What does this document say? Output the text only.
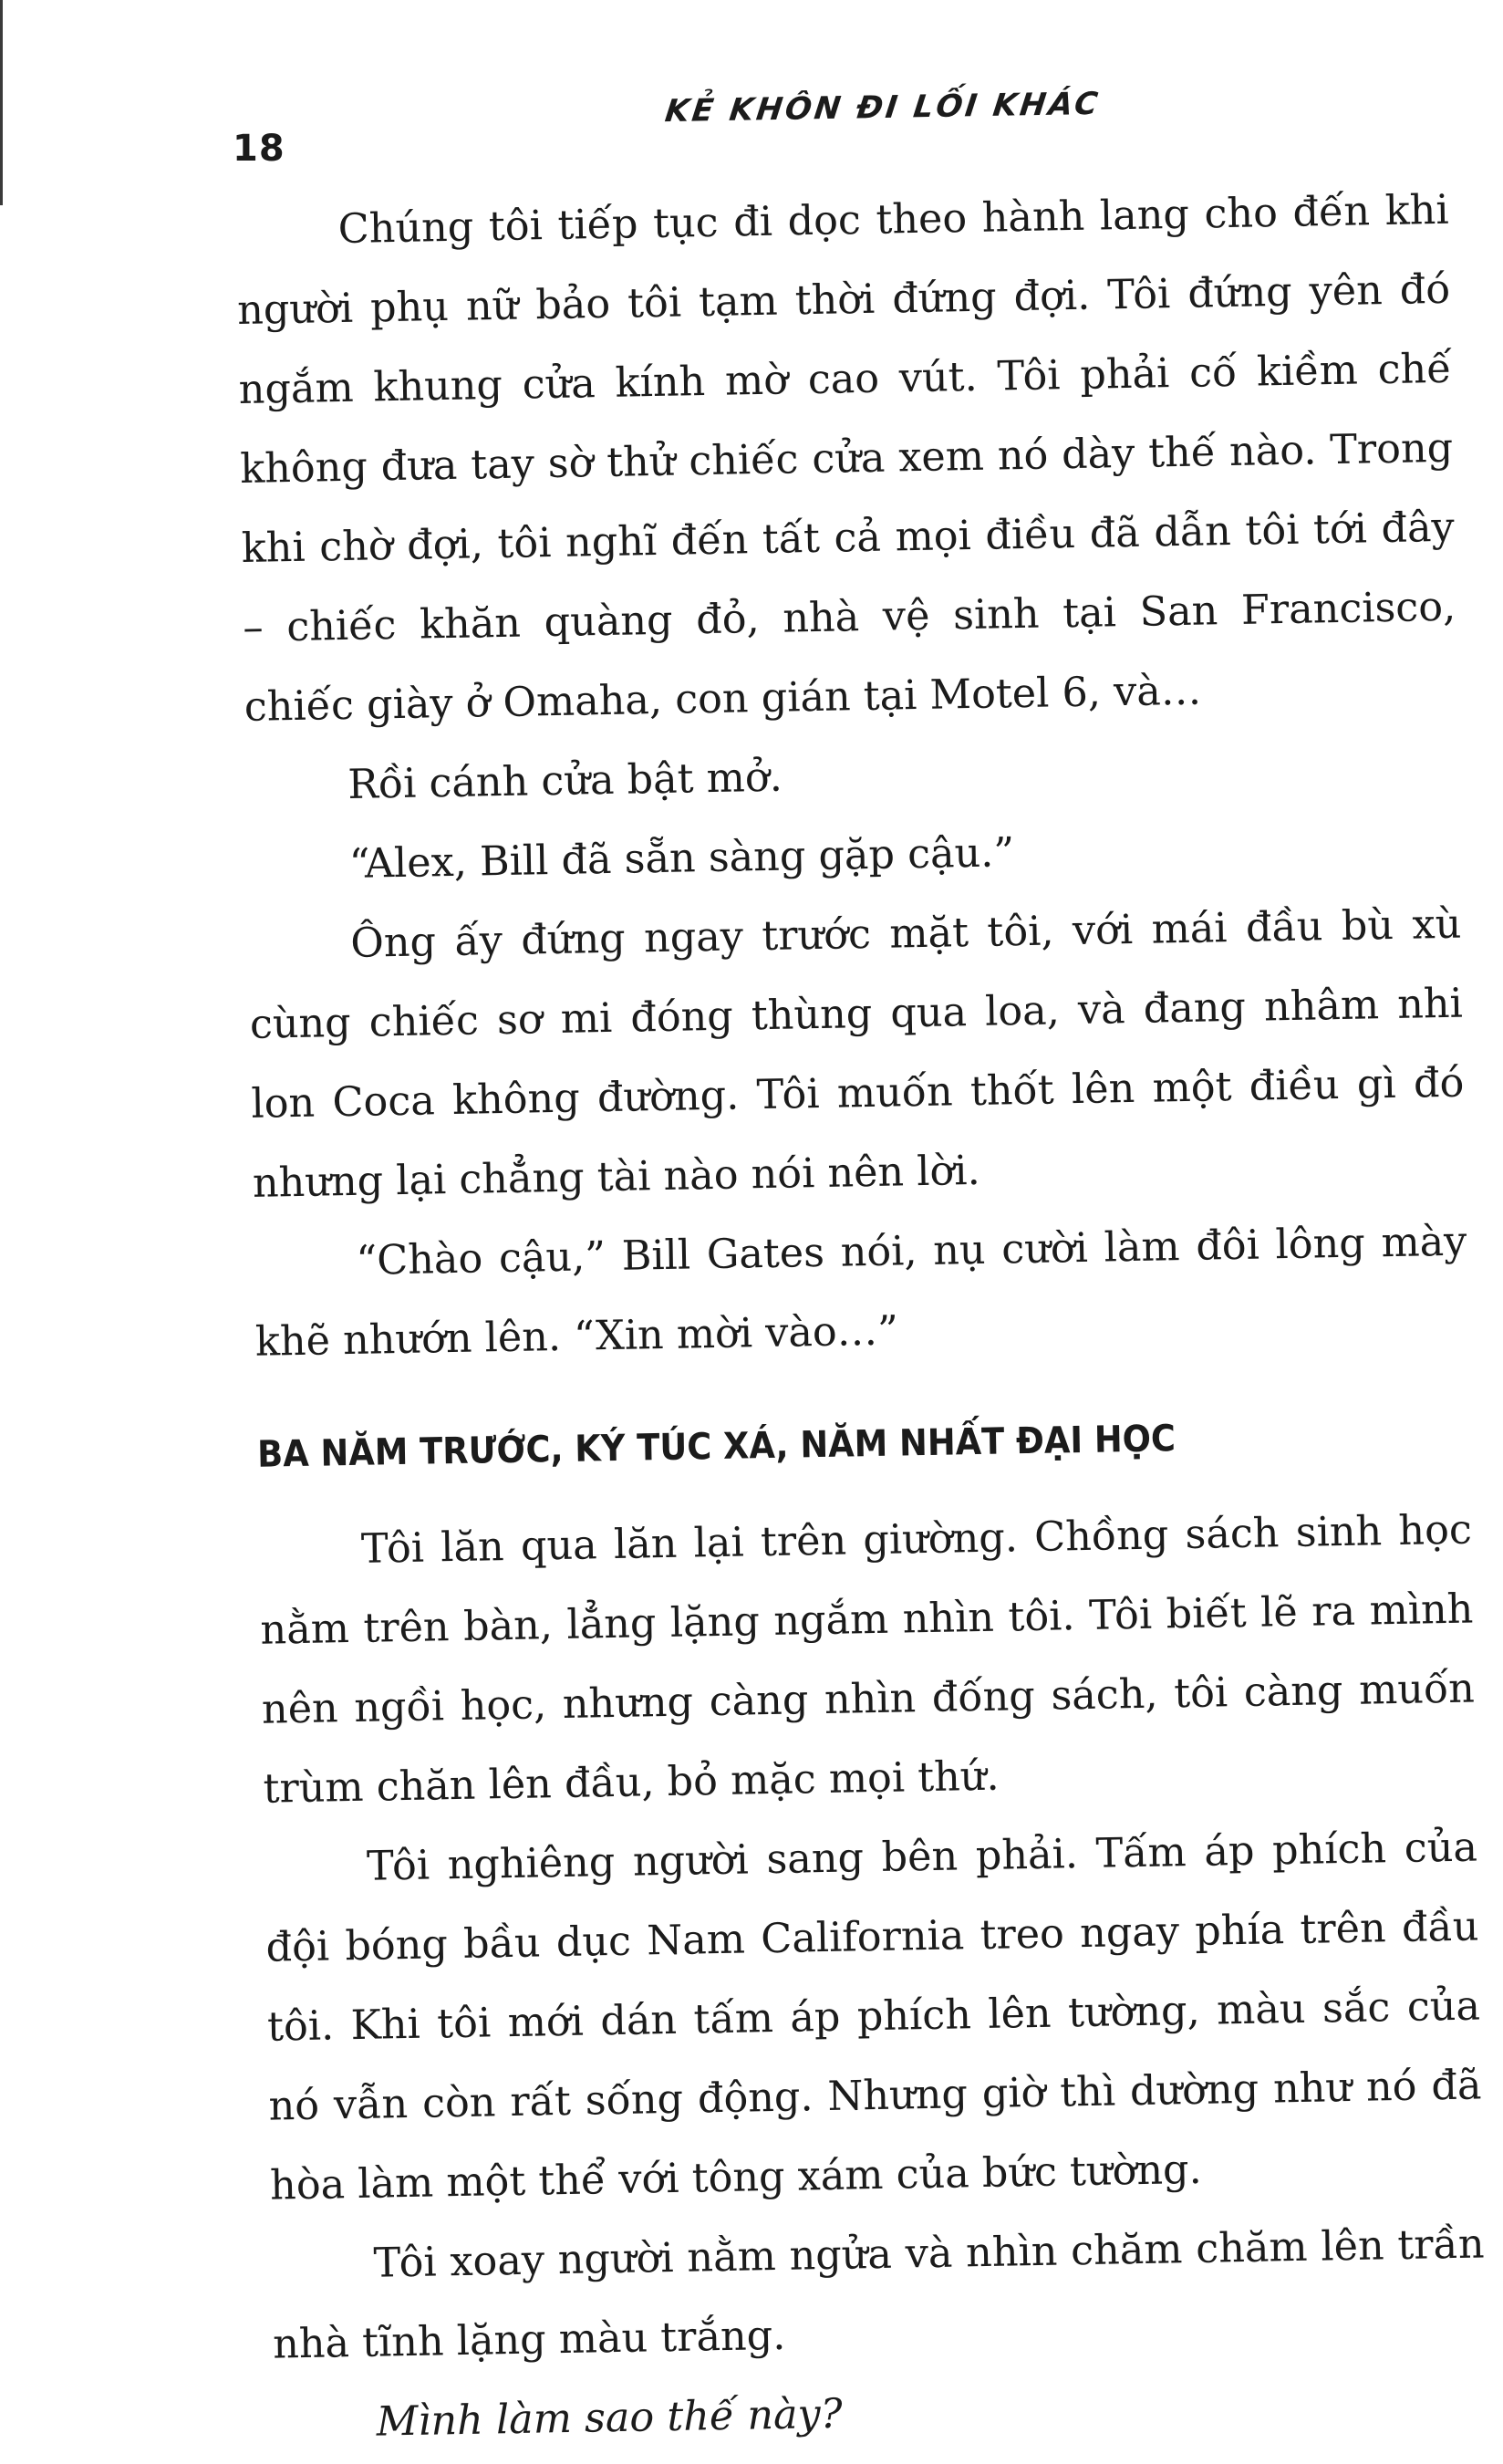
18
KẺ KHÔN ĐI LỐI KHÁC

Chúng tôi tiếp tục đi dọc theo hành lang cho đến khi người phụ nữ bảo tôi tạm thời đứng đợi. Tôi đứng yên đó ngắm khung cửa kính mờ cao vút. Tôi phải cố kiềm chế không đưa tay sờ thử chiếc cửa xem nó dày thế nào. Trong khi chờ đợi, tôi nghĩ đến tất cả mọi điều đã dẫn tôi tới đây – chiếc khăn quàng đỏ, nhà vệ sinh tại San Francisco, chiếc giày ở Omaha, con gián tại Motel 6, và…

Rồi cánh cửa bật mở.

“Alex, Bill đã sẵn sàng gặp cậu.”

Ông ấy đứng ngay trước mặt tôi, với mái đầu bù xù cùng chiếc sơ mi đóng thùng qua loa, và đang nhâm nhi lon Coca không đường. Tôi muốn thốt lên một điều gì đó nhưng lại chẳng tài nào nói nên lời.

“Chào cậu,” Bill Gates nói, nụ cười làm đôi lông mày khẽ nhướn lên. “Xin mời vào…”

BA NĂM TRƯỚC, KÝ TÚC XÁ, NĂM NHẤT ĐẠI HỌC

Tôi lăn qua lăn lại trên giường. Chồng sách sinh học nằm trên bàn, lẳng lặng ngắm nhìn tôi. Tôi biết lẽ ra mình nên ngồi học, nhưng càng nhìn đống sách, tôi càng muốn trùm chăn lên đầu, bỏ mặc mọi thứ.

Tôi nghiêng người sang bên phải. Tấm áp phích của đội bóng bầu dục Nam California treo ngay phía trên đầu tôi. Khi tôi mới dán tấm áp phích lên tường, màu sắc của nó vẫn còn rất sống động. Nhưng giờ thì dường như nó đã hòa làm một thể với tông xám của bức tường.

Tôi xoay người nằm ngửa và nhìn chăm chăm lên trần nhà tĩnh lặng màu trắng.

Mình làm sao thế này?
